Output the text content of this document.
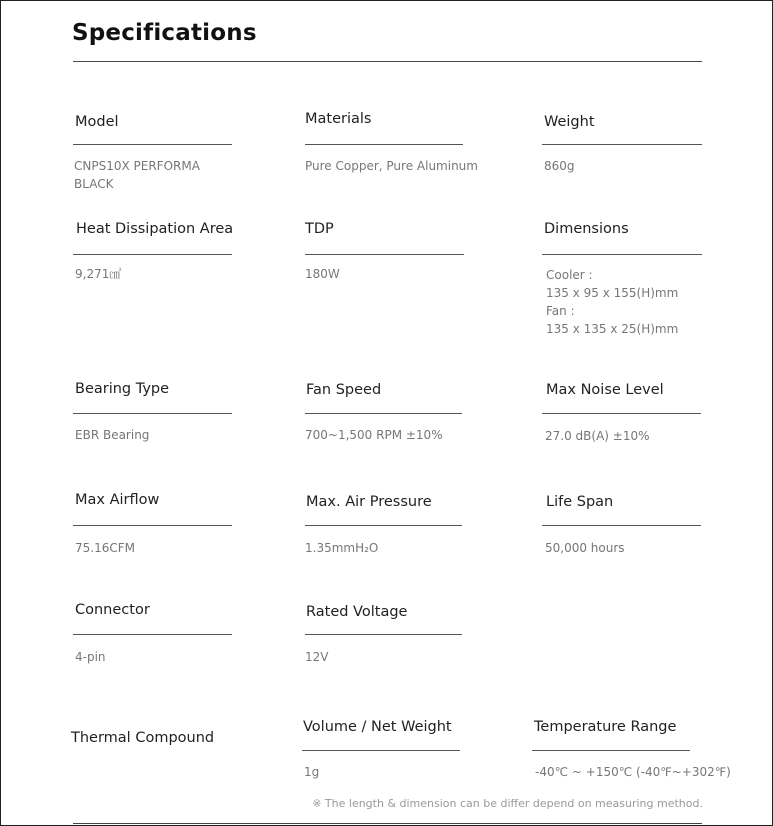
Specifications
Model
CNPS10X PERFORMA
BLACK
Materials
Pure Copper, Pure Aluminum
Weight
860g
Heat Dissipation Area
9,271㎠
TDP
180W
Dimensions
Cooler :
135 x 95 x 155(H)mm
Fan :
135 x 135 x 25(H)mm
Bearing Type
EBR Bearing
Fan Speed
700~1,500 RPM ±10%
Max Noise Level
27.0 dB(A) ±10%
Max Airflow
75.16CFM
Max. Air Pressure
1.35mmH₂O
Life Span
50,000 hours
Connector
4-pin
Rated Voltage
12V
Thermal Compound
Volume / Net Weight
1g
Temperature Range
-40℃ ~ +150℃ (-40℉~+302℉)
※ The length & dimension can be differ depend on measuring method.
